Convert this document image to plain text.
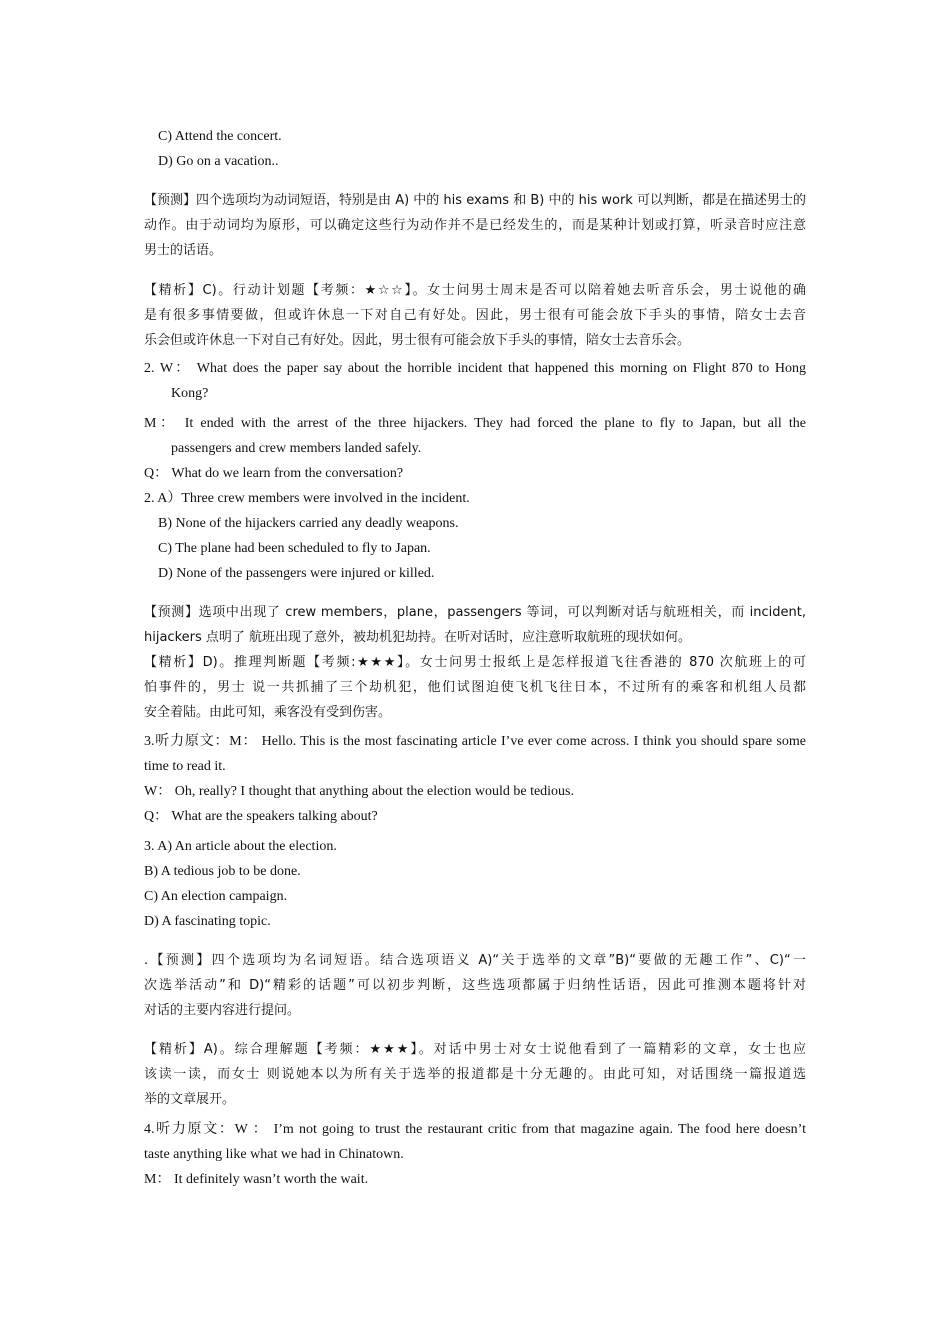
C) Attend the concert.
D) Go on a vacation..
【预测】四个选项均为动词短语，特别是由 A) 中的 his exams 和 B) 中的 his work 可以判断，都是在描述男士的
动作。由于动词均为原形，可以确定这些行为动作并不是已经发生的，而是某种计划或打算，听录音时应注意
男士的话语。
【精析】C)。行动计划题【考频：★☆☆】。女士问男士周末是否可以陪着她去听音乐会，男士说他的确
是有很多事情要做，但或许休息一下对自己有好处。因此，男士很有可能会放下手头的事情，陪女士去音
乐会但或许休息一下对自己有好处。因此，男士很有可能会放下手头的事情，陪女士去音乐会。
2. W： What does the paper say about the horrible incident that happened this morning on Flight 870 to Hong
Kong?
M： It ended with the arrest of the three hijackers. They had forced the plane to fly to Japan, but all the
passengers and crew members landed safely.
Q： What do we learn from the conversation?
2. A）Three crew members were involved in the incident.
B) None of the hijackers carried any deadly weapons.
C) The plane had been scheduled to fly to Japan.
D) None of the passengers were injured or killed.
【预测】选项中出现了 crew members，plane，passengers 等词，可以判断对话与航班相关，而 incident,
hijackers 点明了 航班出现了意外，被劫机犯劫持。在听对话时，应注意听取航班的现状如何。
【精析】D)。推理判断题【考频:★★★】。女士问男士报纸上是怎样报道飞往香港的 870 次航班上的可
怕事件的，男士 说一共抓捕了三个劫机犯，他们试图迫使飞机飞往日本，不过所有的乘客和机组人员都
安全着陆。由此可知，乘客没有受到伤害。
3.听力原文：M： Hello. This is the most fascinating article I’ve ever come across. I think you should spare some
time to read it.
W： Oh, really? I thought that anything about the election would be tedious.
Q： What are the speakers talking about?
3. A) An article about the election.
B) A tedious job to be done.
C) An election campaign.
D) A fascinating topic.
.【预测】四个选项均为名词短语。结合选项语义 A)“关于选举的文章”B)“要做的无趣工作”、C)“一
次选举活动”和 D)“精彩的话题”可以初步判断，这些选项都属于归纳性话语，因此可推测本题将针对
对话的主要内容进行提问。
【精析】A)。综合理解题【考频：★★★】。对话中男士对女士说他看到了一篇精彩的文章，女士也应
该读一读，而女士 则说她本以为所有关于选举的报道都是十分无趣的。由此可知，对话围绕一篇报道选
举的文章展开。
4.听力原文：W ： I’m not going to trust the restaurant critic from that magazine again. The food here doesn’t
taste anything like what we had in Chinatown.
M： It definitely wasn’t worth the wait.
